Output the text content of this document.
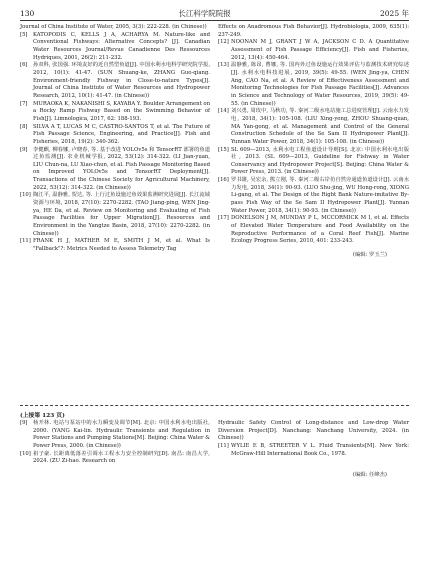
130	长江科学院院报	2025 年

Journal of China Institute of Water, 2005, 3(3): 222-228. (in Chinese))

[5] KATOPODIS C, KELLS J A, ACHARYA M. Nature-like and Conventional Fishways: Alternative Concepts? [J]. Canadian Water Resources Journal/Revue Canadienne Des Ressources Hydriques, 2001, 26(2): 211-232.

[6] 孙双科, 张国强. 环境友好的近自然型鱼道[J]. 中国水利水电科学研究院学报, 2012, 10(1): 41-47. (SUN Shuang-ke, ZHANG Guo-qiang. Environment-friendly Fishway in Close-to-nature Types[J]. Journal of China Institute of Water Resources and Hydropower Research, 2012, 10(1): 41-47. (in Chinese))

[7] MURAOKA K, NAKANISHI S, KAYABA Y. Boulder Arrangement on a Rocky Ramp Fishway Based on the Swimming Behavior of Fish[J]. Limnologica, 2017, 62: 188-193.

[8] SILVA A T, LUCAS M C, CASTRO-SANTOS T, et al. The Future of Fish Passage Science, Engineering, and Practice[J]. Fish and Fisheries, 2018, 19(2): 340-362.

[9] 李健麒, 柳春娜, 卢晓春, 等. 基于改进 YOLOv5s 和 TensorRT 部署的鱼道过鱼监测[J]. 农业机械学报, 2022, 53(12): 314-322. (LI Jian-yuan, LIU Chun-na, LU Xiao-chun, et al. Fish Passage Monitoring Based on Improved YOLOv5s and TensorRT Deployment[J]. Transactions of the Chinese Society for Agricultural Machinery, 2022, 53(12): 314-322. (in Chinese))

[10] 陶江平, 温静雅, 贺达, 等. 上行过鱼设施过鱼效果监测研究进展[J]. 长江流域资源与环境, 2018, 27(10): 2270-2282. (TAO Jiang-ping, WEN Jing-ya, HE Da, et al. Review on Monitoring and Evaluating of Fish Passage Facilities for Upper Migration[J]. Resources and Environment in the Yangtze Basin, 2018, 27(10): 2270-2282. (in Chinese))

[11] FRANK H J, MATHER M E, SMITH J M, et al. What Is "Fallback"?: Metrics Needed to Assess Telemetry Tag

Effects on Anadromous Fish Behavior[J]. Hydrobiologia, 2009, 635(1): 237-249.

[12] NOONAN M J, GRANT J W A, JACKSON C D. A Quantitative Assessment of Fish Passage Efficiency[J]. Fish and Fisheries, 2012, 13(4): 450-464.

[13] 温静雅, 陈昂, 曹娜, 等. 国内外过鱼设施运行效果评估与监测技术研究综述[J]. 水利水电科技进展, 2019, 39(5): 49-55. (WEN Jing-ya, CHEN Ang, CAO Na, et al. A Review of Effectiveness Assessment and Monitoring Technologies for Fish Passage Facilities[J]. Advances in Science and Technology of Water Resources, 2019, 39(5): 49-55. (in Chinese))

[14] 刘兴勇, 周玫中, 马秋功, 等. 秦河二级水电站施工总进度管理[J]. 云南水力发电, 2018, 34(1): 105-108. (LIU Xing-yong, ZHOU Shuang-quan, MA Yan-gong, et al. Management and Control of the General Construction Schedule of the Se Sam II Hydropower Plant[J]. Yunnan Water Power, 2018, 34(1): 105-108. (in Chinese))

[15] SL 609—2013, 水利水电工程鱼道设计导则[S]. 北京: 中国水利水电出版社, 2013. (SL 609—2013, Guideline for Fishway in Water Conservancy and Hydropower Project[S]. Beijing: China Water & Power Press, 2013. (in Chinese))

[16] 罗书雄, 吴宏余, 熊立刚, 等. 秦河二级右岸仿自然旁通道鱼道设计[J]. 云南水力发电, 2018, 34(1): 90-93. (LUO Shu-jing, WU Hong-rong, XIONG Li-gang, et al. The Design of the Right Bank Nature-imitative By-pass Fish Way of the Se Sam II Hydropower Plant[J]. Yunnan Water Power, 2018, 34(1): 90-93. (in Chinese))

[17] DONELSON J M, MUNDAY P L, MCCORMICK M I, et al. Effects of Elevated Water Temperature and Food Availability on the Reproductive Performance of a Coral Reef Fish[J]. Marine Ecology Progress Series, 2010, 401: 233-243.

(编辑: 罗玉兰)
(上接第 123 页)

[9] 杨开林. 电站与泵站中的水力瞬变及调节[M]. 北京: 中国水利水电出版社, 2000. (YANG Kai-lin. Hydraulic Transients and Regulation in Power Stations and Pumping Stations[M]. Beijing: China Water & Power Press, 2000. (in Chinese))

[10] 祖子豪. 长距离低落差引调水工程水力安全控制研究[D]. 南昌: 南昌大学, 2024. (ZU Zi-hao. Research on

Hydraulic Safety Control of Long-distance and Low-drop Water Diversion Project[D]. Nanchang: Nanchang University, 2024. (in Chinese))

[11] WYLIE E B, STREETER V L. Fluid Transients[M]. New York: McGraw-Hill International Book Co., 1978.

(编辑: 任峰杰)
